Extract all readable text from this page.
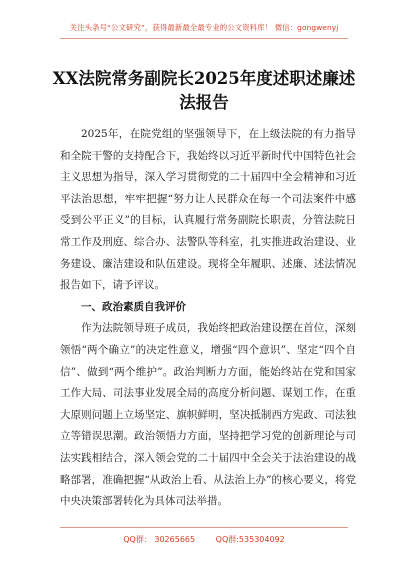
关注头条号“公文研究”，获得最新最全最专业的公文资料库！ 微信：gongwenyj
XX法院常务副院长2025年度述职述廉述法报告

2025年，在院党组的坚强领导下，在上级法院的有力指导和全院干警的支持配合下，我始终以习近平新时代中国特色社会主义思想为指导，深入学习贯彻党的二十届四中全会精神和习近平法治思想，牢牢把握“努力让人民群众在每一个司法案件中感受到公平正义”的目标，认真履行常务副院长职责，分管法院日常工作及刑庭、综合办、法警队等科室，扎实推进政治建设、业务建设、廉洁建设和队伍建设。现将全年履职、述廉、述法情况报告如下，请予评议。

一、政治素质自我评价

作为法院领导班子成员，我始终把政治建设摆在首位，深刻领悟“两个确立”的决定性意义，增强“四个意识”、坚定“四个自信”、做到“两个维护”。政治判断力方面，能始终站在党和国家工作大局、司法事业发展全局的高度分析问题、谋划工作，在重大原则问题上立场坚定、旗帜鲜明，坚决抵制西方宪政、司法独立等错误思潮。政治领悟力方面，坚持把学习党的创新理论与司法实践相结合，深入领会党的二十届四中全会关于法治建设的战略部署，准确把握“从政治上看、从法治上办”的核心要义，将党中央决策部署转化为具体司法举措。

QQ群： 30265665	QQ群:535304092
